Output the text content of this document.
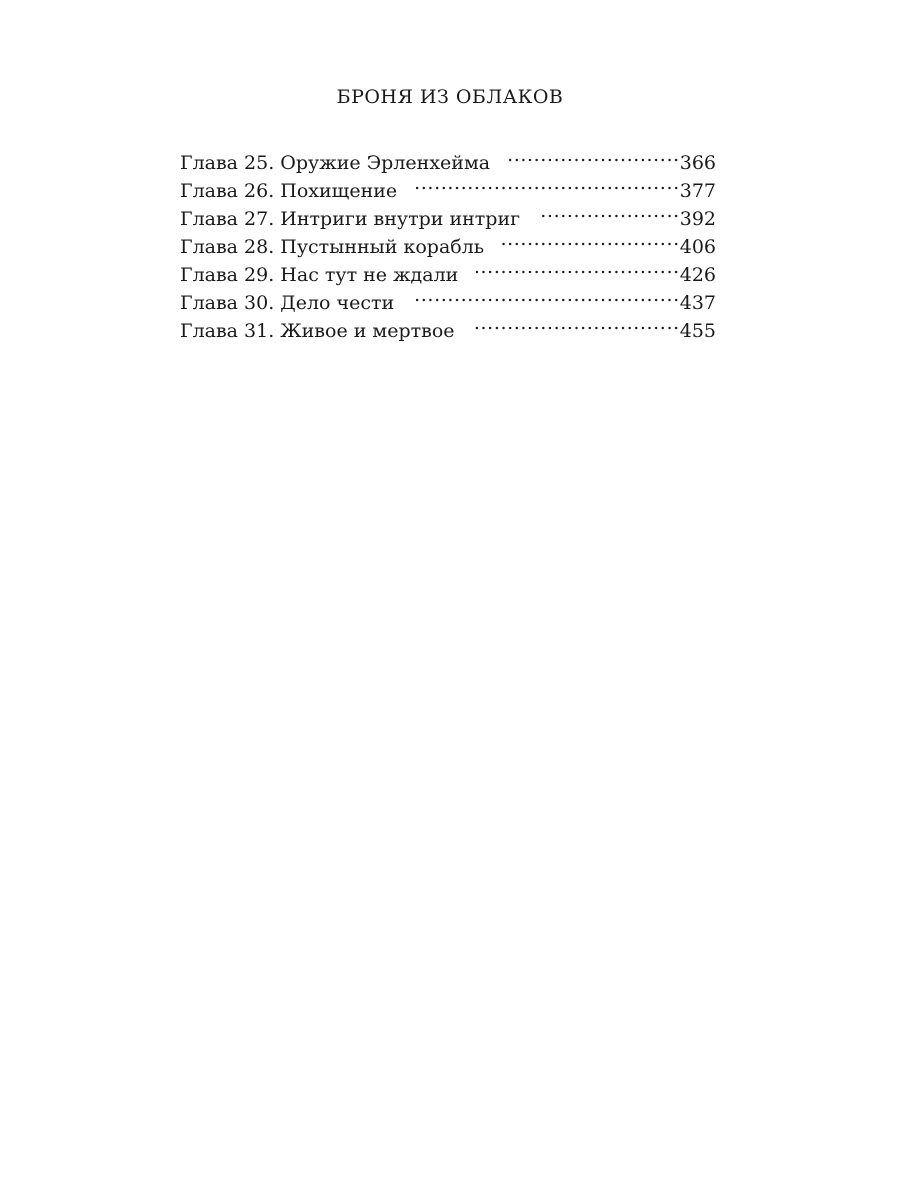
БРОНЯ ИЗ ОБЛАКОВ
Глава 25. Оружие Эрленхейма .....	366
Глава 26. Похищение .....	377
Глава 27. Интриги внутри интриг .....	392
Глава 28. Пустынный корабль .....	406
Глава 29. Нас тут не ждали .....	426
Глава 30. Дело чести .....	437
Глава 31. Живое и мертвое .....	455
